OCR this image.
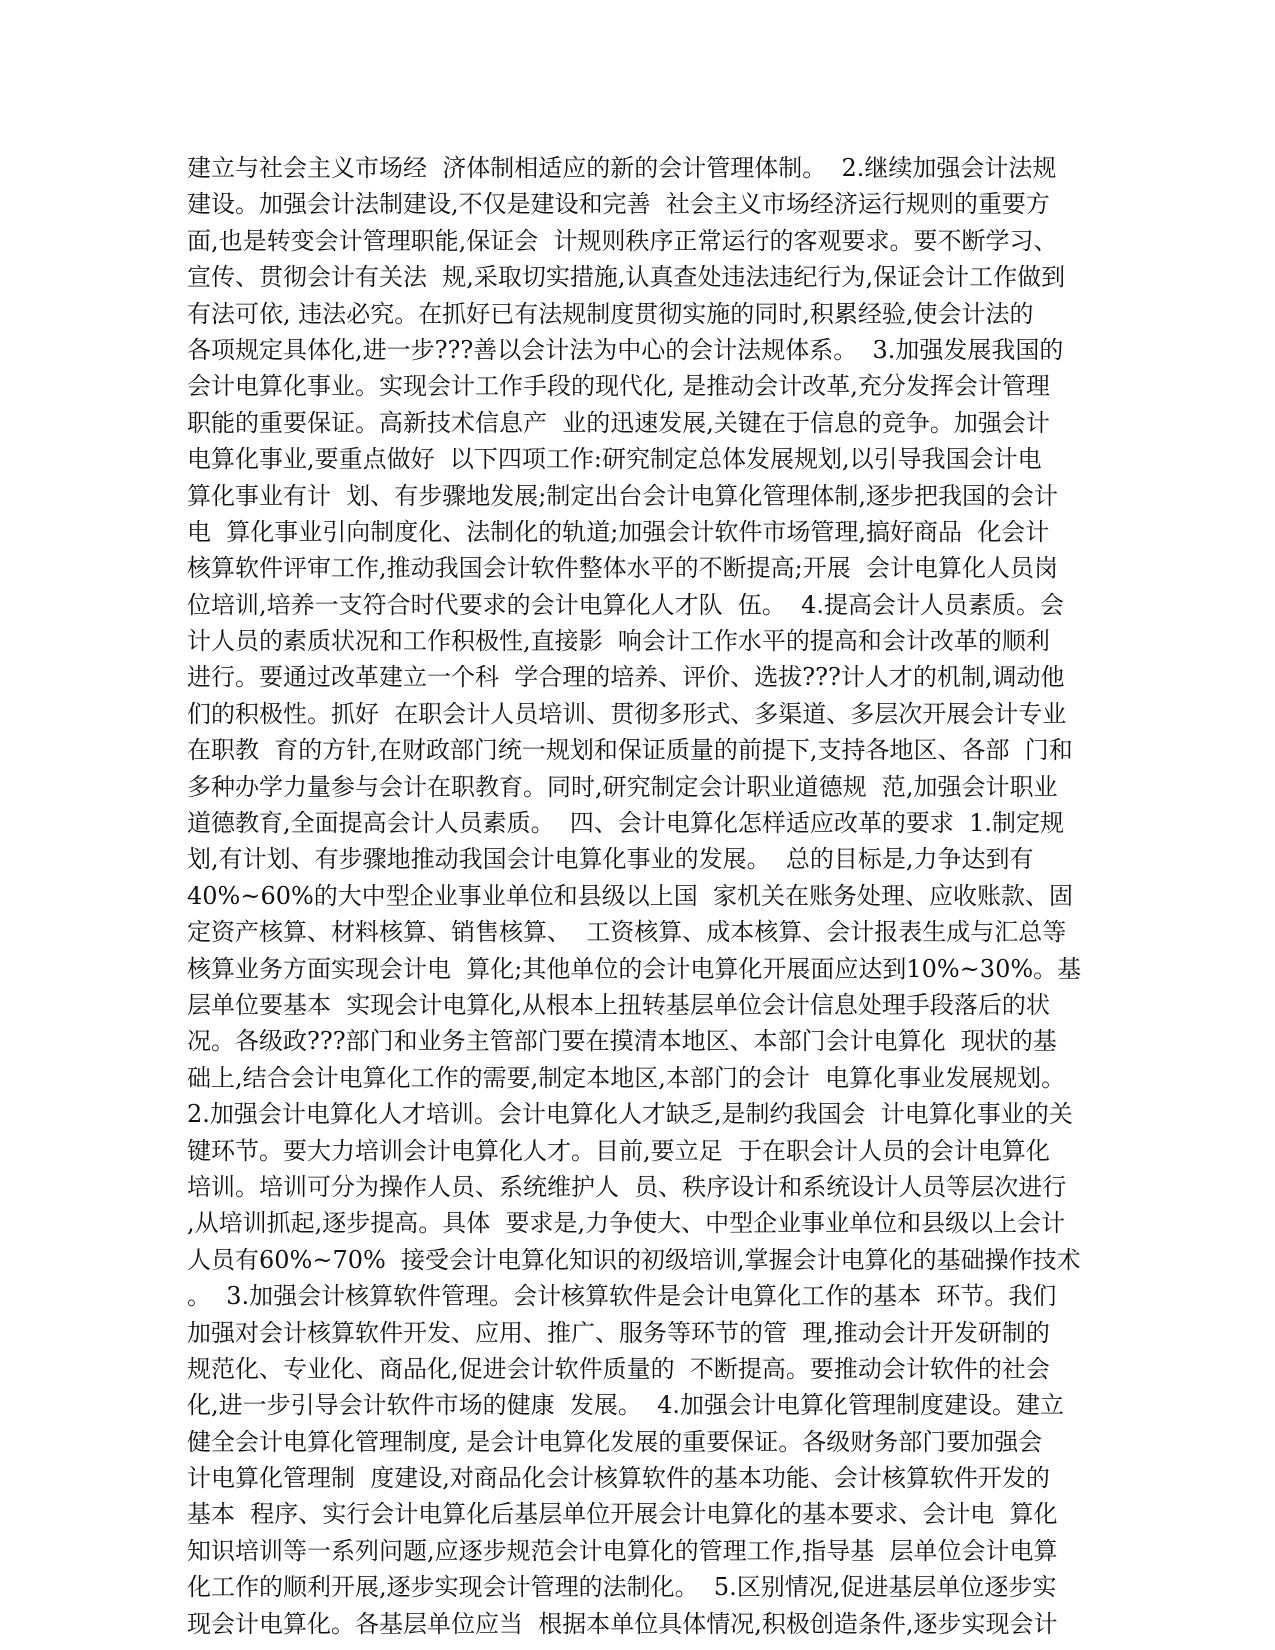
建立与社会主义市场经  济体制相适应的新的会计管理体制。  2.继续加强会计法规
建设。加强会计法制建设,不仅是建设和完善  社会主义市场经济运行规则的重要方
面,也是转变会计管理职能,保证会  计规则秩序正常运行的客观要求。要不断学习、
宣传、贯彻会计有关法  规,采取切实措施,认真查处违法违纪行为,保证会计工作做到
有法可依, 违法必究。在抓好已有法规制度贯彻实施的同时,积累经验,使会计法的
各项规定具体化,进一步???善以会计法为中心的会计法规体系。  3.加强发展我国的
会计电算化事业。实现会计工作手段的现代化, 是推动会计改革,充分发挥会计管理
职能的重要保证。高新技术信息产  业的迅速发展,关键在于信息的竞争。加强会计
电算化事业,要重点做好  以下四项工作:研究制定总体发展规划,以引导我国会计电
算化事业有计  划、有步骤地发展;制定出台会计电算化管理体制,逐步把我国的会计
电  算化事业引向制度化、法制化的轨道;加强会计软件市场管理,搞好商品  化会计
核算软件评审工作,推动我国会计软件整体水平的不断提高;开展  会计电算化人员岗
位培训,培养一支符合时代要求的会计电算化人才队  伍。  4.提高会计人员素质。会
计人员的素质状况和工作积极性,直接影  响会计工作水平的提高和会计改革的顺利
进行。要通过改革建立一个科  学合理的培养、评价、选拔???计人才的机制,调动他
们的积极性。抓好  在职会计人员培训、贯彻多形式、多渠道、多层次开展会计专业
在职教  育的方针,在财政部门统一规划和保证质量的前提下,支持各地区、各部  门和
多种办学力量参与会计在职教育。同时,研究制定会计职业道德规  范,加强会计职业
道德教育,全面提高会计人员素质。  四、会计电算化怎样适应改革的要求  1.制定规
划,有计划、有步骤地推动我国会计电算化事业的发展。  总的目标是,力争达到有
40%~60%的大中型企业事业单位和县级以上国  家机关在账务处理、应收账款、固
定资产核算、材料核算、销售核算、  工资核算、成本核算、会计报表生成与汇总等
核算业务方面实现会计电  算化;其他单位的会计电算化开展面应达到10%~30%。基
层单位要基本  实现会计电算化,从根本上扭转基层单位会计信息处理手段落后的状
况。各级政???部门和业务主管部门要在摸清本地区、本部门会计电算化  现状的基
础上,结合会计电算化工作的需要,制定本地区,本部门的会计  电算化事业发展规划。
2.加强会计电算化人才培训。会计电算化人才缺乏,是制约我国会  计电算化事业的关
键环节。要大力培训会计电算化人才。目前,要立足  于在职会计人员的会计电算化
培训。培训可分为操作人员、系统维护人  员、秩序设计和系统设计人员等层次进行
,从培训抓起,逐步提高。具体  要求是,力争使大、中型企业事业单位和县级以上会计
人员有60%~70%  接受会计电算化知识的初级培训,掌握会计电算化的基础操作技术
。  3.加强会计核算软件管理。会计核算软件是会计电算化工作的基本  环节。我们
加强对会计核算软件开发、应用、推广、服务等环节的管  理,推动会计开发研制的
规范化、专业化、商品化,促进会计软件质量的  不断提高。要推动会计软件的社会
化,进一步引导会计软件市场的健康  发展。  4.加强会计电算化管理制度建设。建立
健全会计电算化管理制度, 是会计电算化发展的重要保证。各级财务部门要加强会
计电算化管理制  度建设,对商品化会计核算软件的基本功能、会计核算软件开发的
基本  程序、实行会计电算化后基层单位开展会计电算化的基本要求、会计电  算化
知识培训等一系列问题,应逐步规范会计电算化的管理工作,指导基  层单位会计电算
化工作的顺利开展,逐步实现会计管理的法制化。  5.区别情况,促进基层单位逐步实
现会计电算化。各基层单位应当  根据本单位具体情况,积极创造条件,逐步实现会计
